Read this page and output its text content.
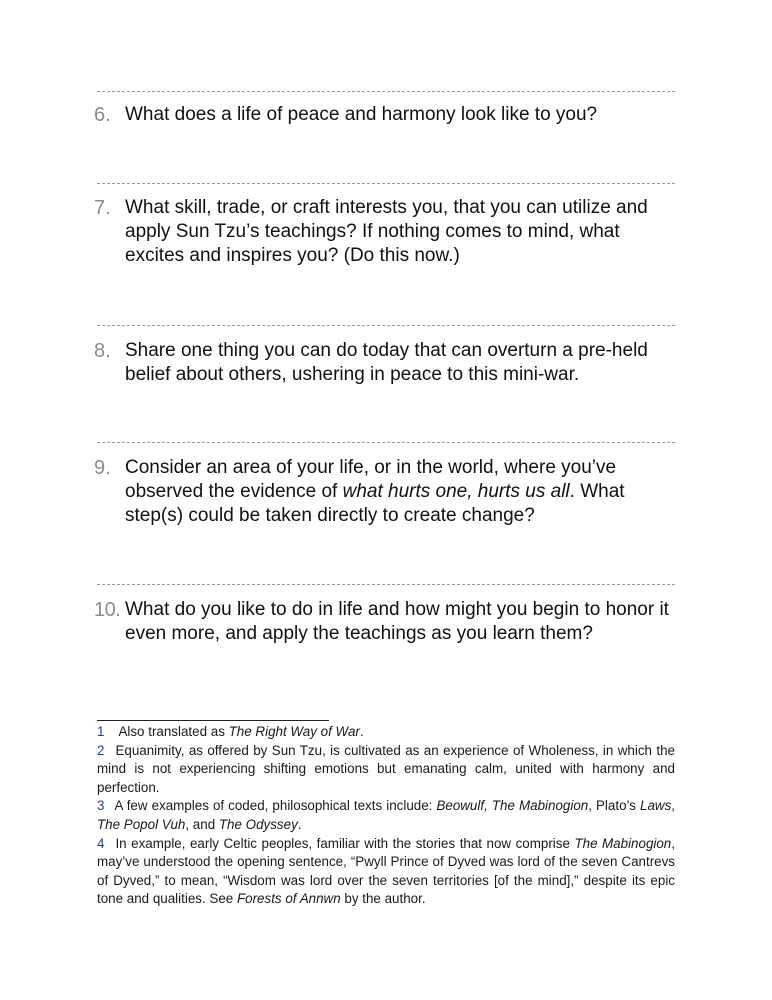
6. What does a life of peace and harmony look like to you?
7. What skill, trade, or craft interests you, that you can utilize and apply Sun Tzu’s teachings? If nothing comes to mind, what excites and inspires you? (Do this now.)
8. Share one thing you can do today that can overturn a pre-held belief about others, ushering in peace to this mini-war.
9. Consider an area of your life, or in the world, where you’ve observed the evidence of what hurts one, hurts us all. What step(s) could be taken directly to create change?
10. What do you like to do in life and how might you begin to honor it even more, and apply the teachings as you learn them?

1 Also translated as The Right Way of War.

2 Equanimity, as offered by Sun Tzu, is cultivated as an experience of Wholeness, in which the mind is not experiencing shifting emotions but emanating calm, united with harmony and perfection.

3 A few examples of coded, philosophical texts include: Beowulf, The Mabinogion, Plato’s Laws, The Popol Vuh, and The Odyssey.

4 In example, early Celtic peoples, familiar with the stories that now comprise The Mabinogion, may’ve understood the opening sentence, “Pwyll Prince of Dyved was lord of the seven Cantrevs of Dyved,” to mean, “Wisdom was lord over the seven territories [of the mind],” despite its epic tone and qualities. See Forests of Annwn by the author.
